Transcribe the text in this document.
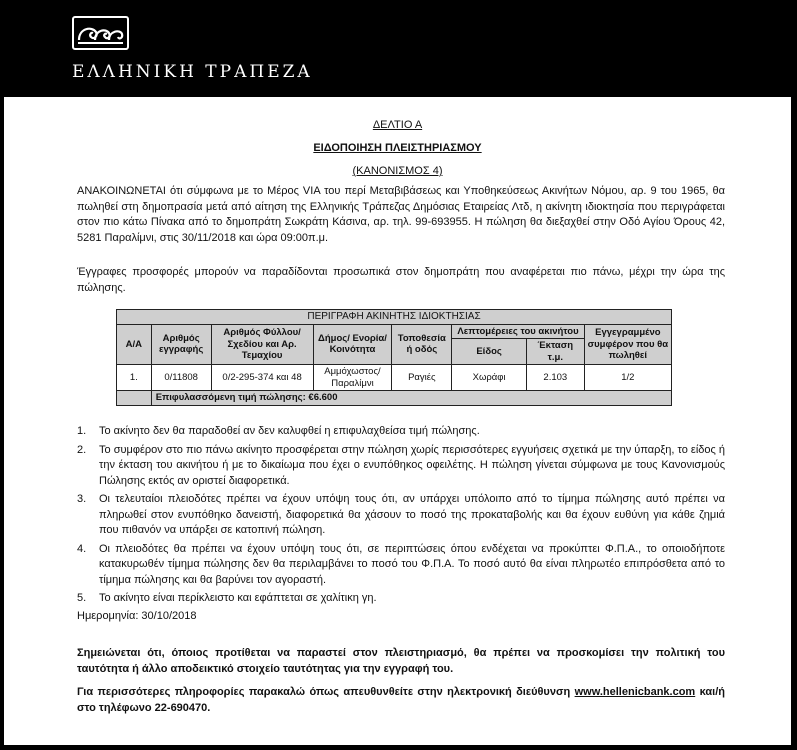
ΕΛΛΗΝΙΚΗ ΤΡΑΠΕΖΑ
ΔΕΛΤΙΟ Α
ΕΙΔΟΠΟΙΗΣΗ ΠΛΕΙΣΤΗΡΙΑΣΜΟΥ
(ΚΑΝΟΝΙΣΜΟΣ 4)
ΑΝΑΚΟΙΝΩΝΕΤΑΙ ότι σύμφωνα με το Μέρος VIA του περί Μεταβιβάσεως και Υποθηκεύσεως Ακινήτων Νόμου, αρ. 9 του 1965, θα πωληθεί στη δημοπρασία μετά από αίτηση της Ελληνικής Τράπεζας Δημόσιας Εταιρείας Λτδ, η ακίνητη ιδιοκτησία που περιγράφεται στον πιο κάτω Πίνακα από το δημοπράτη Σωκράτη Κάσινα, αρ. τηλ. 99-693955. Η πώληση θα διεξαχθεί στην Οδό Αγίου Όρους 42, 5281 Παραλίμνι, στις 30/11/2018 και ώρα 09:00π.μ.
Έγγραφες προσφορές μπορούν να παραδίδονται προσωπικά στον δημοπράτη που αναφέρεται πιο πάνω, μέχρι την ώρα της πώλησης.
ΠΕΡΙΓΡΑΦΗ ΑΚΙΝΗΤΗΣ ΙΔΙΟΚΤΗΣΙΑΣ							
Α/Α	Αριθμός εγγραφής	Αριθμός Φύλλου/ Σχεδίου και Αρ. Τεμαχίου	Δήμος/ Ενορία/ Κοινότητα	Τοποθεσία ή οδός	Λεπτομέρειες του ακινήτου		Εγγεγραμμένο συμφέρον που θα πωληθεί
					Είδος	Έκταση τ.μ.	
1.	0/11808	0/2-295-374 και 48	Αμμόχωστος/ Παραλίμνι	Ραγιές	Χωράφι	2.103	1/2
	Επιφυλασσόμενη τιμή πώλησης: €6.600						
1. Το ακίνητο δεν θα παραδοθεί αν δεν καλυφθεί η επιφυλαχθείσα τιμή πώλησης.
2. Το συμφέρον στο πιο πάνω ακίνητο προσφέρεται στην πώληση χωρίς περισσότερες εγγυήσεις σχετικά με την ύπαρξη, το είδος ή την έκταση του ακινήτου ή με το δικαίωμα που έχει ο ενυπόθηκος οφειλέτης. Η πώληση γίνεται σύμφωνα με τους Κανονισμούς Πώλησης εκτός αν οριστεί διαφορετικά.
3. Οι τελευταίοι πλειοδότες πρέπει να έχουν υπόψη τους ότι, αν υπάρχει υπόλοιπο από το τίμημα πώλησης αυτό πρέπει να πληρωθεί στον ενυπόθηκο δανειστή, διαφορετικά θα χάσουν το ποσό της προκαταβολής και θα έχουν ευθύνη για κάθε ζημιά που πιθανόν να υπάρξει σε κατοπινή πώληση.
4. Οι πλειοδότες θα πρέπει να έχουν υπόψη τους ότι, σε περιπτώσεις όπου ενδέχεται να προκύπτει Φ.Π.Α., το οποιοδήποτε κατακυρωθέν τίμημα πώλησης δεν θα περιλαμβάνει το ποσό του Φ.Π.Α. Το ποσό αυτό θα είναι πληρωτέο επιπρόσθετα από το τίμημα πώλησης και θα βαρύνει τον αγοραστή.
5. Το ακίνητο είναι περίκλειστο και εφάπτεται σε χαλίτικη γη.
Ημερομηνία: 30/10/2018
Σημειώνεται ότι, όποιος προτίθεται να παραστεί στον πλειστηριασμό, θα πρέπει να προσκομίσει την πολιτική του ταυτότητα ή άλλο αποδεικτικό στοιχείο ταυτότητας για την εγγραφή του.
Για περισσότερες πληροφορίες παρακαλώ όπως απευθυνθείτε στην ηλεκτρονική διεύθυνση www.hellenicbank.com και/ή στο τηλέφωνο 22-690470.
